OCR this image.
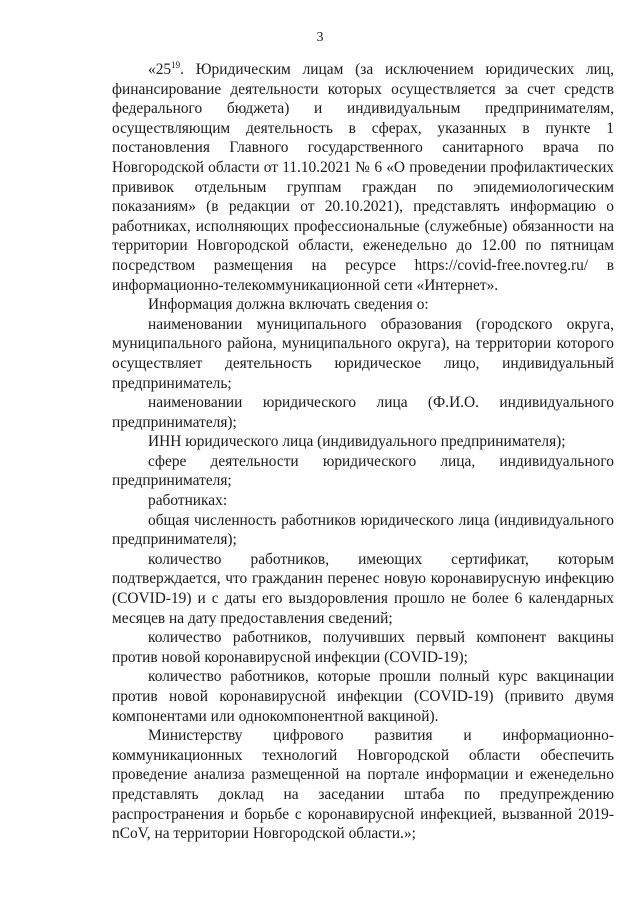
3

«$25^{19}$. Юридическим лицам (за исключением юридических лиц, финансирование деятельности которых осуществляется за счет средств федерального бюджета) и индивидуальным предпринимателям, осуществляющим деятельность в сферах, указанных в пункте 1 постановления Главного государственного санитарного врача по Новгородской области от 11.10.2021 № 6 «О проведении профилактических прививок отдельным группам граждан по эпидемиологическим показаниям» (в редакции от 20.10.2021), представлять информацию о работниках, исполняющих профессиональные (служебные) обязанности на территории Новгородской области, еженедельно до 12.00 по пятницам посредством размещения на ресурсе https://covid-free.novreg.ru/ в информационно-телекоммуникационной сети «Интернет».

Информация должна включать сведения о:

наименовании муниципального образования (городского округа, муниципального района, муниципального округа), на территории которого осуществляет деятельность юридическое лицо, индивидуальный предприниматель;

наименовании юридического лица (Ф.И.О. индивидуального предпринимателя);

ИНН юридического лица (индивидуального предпринимателя);

сфере деятельности юридического лица, индивидуального предпринимателя;

работниках:

общая численность работников юридического лица (индивидуального предпринимателя);

количество работников, имеющих сертификат, которым подтверждается, что гражданин перенес новую коронавирусную инфекцию (COVID-19) и с даты его выздоровления прошло не более 6 календарных месяцев на дату предоставления сведений;

количество работников, получивших первый компонент вакцины против новой коронавирусной инфекции (COVID-19);

количество работников, которые прошли полный курс вакцинации против новой коронавирусной инфекции (COVID-19) (привито двумя компонентами или однокомпонентной вакциной).

Министерству цифрового развития и информационно-коммуникационных технологий Новгородской области обеспечить проведение анализа размещенной на портале информации и еженедельно представлять доклад на заседании штаба по предупреждению распространения и борьбе с коронавирусной инфекцией, вызванной 2019-nCoV, на территории Новгородской области.»;
